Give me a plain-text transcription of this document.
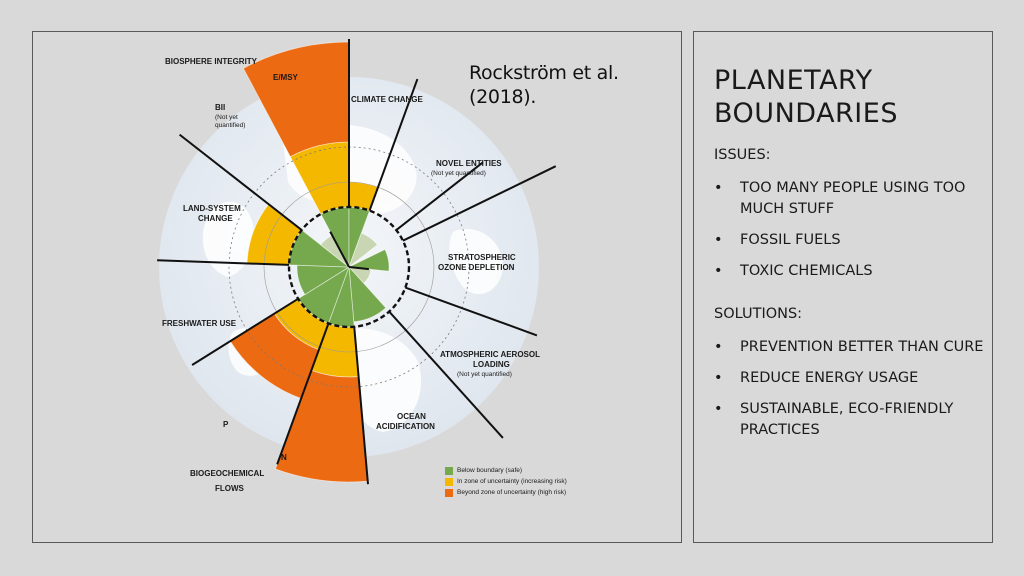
BIOSPHERE INTEGRITY
E/MSY
BII
(Not yet
quantified)
CLIMATE CHANGE
NOVEL ENTITIES
(Not yet quantified)
LAND-SYSTEM
CHANGE
STRATOSPHERIC
OZONE DEPLETION
FRESHWATER USE
ATMOSPHERIC AEROSOL
LOADING
(Not yet quantified)
OCEAN
ACIDIFICATION
P
N
BIOGEOCHEMICAL
FLOWS
Rockström et al. (2018).
Below boundary (safe)
In zone of uncertainty (increasing risk)
Beyond zone of uncertainty (high risk)
PLANETARY
BOUNDARIES
ISSUES:
•	TOO MANY PEOPLE USING TOO MUCH STUFF
•	FOSSIL FUELS
•	TOXIC CHEMICALS
SOLUTIONS:
•	PREVENTION BETTER THAN CURE
•	REDUCE ENERGY USAGE
•	SUSTAINABLE, ECO-FRIENDLY PRACTICES
